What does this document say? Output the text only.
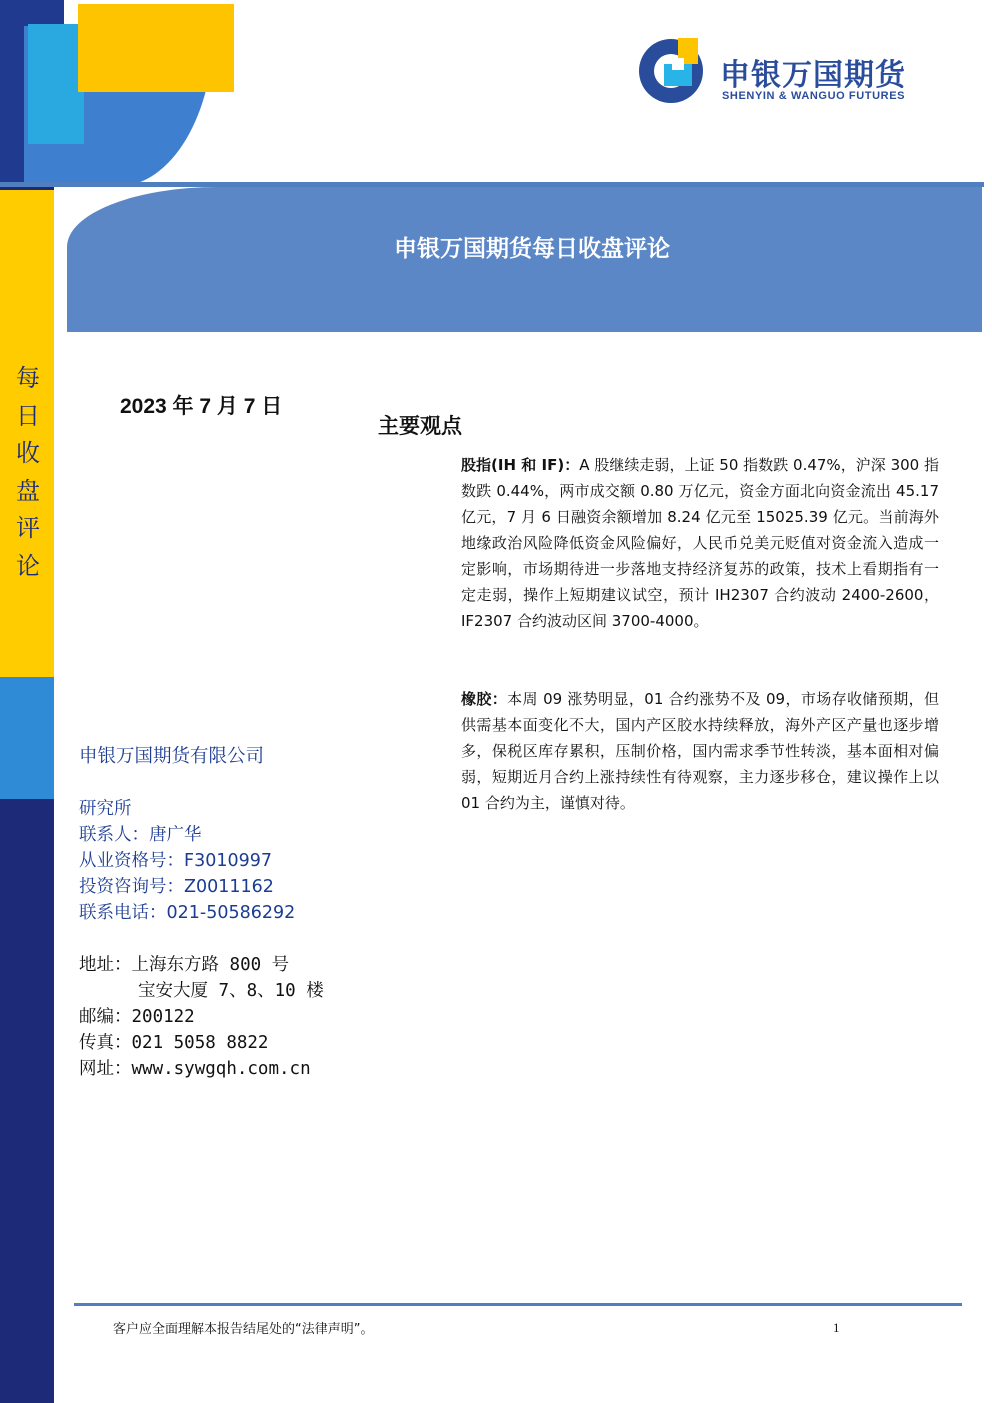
申银万国期货
SHENYIN & WANGUO FUTURES
每日收盘评论
申银万国期货每日收盘评论
2023 年 7 月 7 日
主要观点
股指(IH 和 IF)：A 股继续走弱，上证 50 指数跌 0.47%，沪深 300 指数跌 0.44%，两市成交额 0.80 万亿元，资金方面北向资金流出 45.17 亿元，7 月 6 日融资余额增加 8.24 亿元至 15025.39 亿元。当前海外地缘政治风险降低资金风险偏好，人民币兑美元贬值对资金流入造成一定影响，市场期待进一步落地支持经济复苏的政策，技术上看期指有一定走弱，操作上短期建议试空，预计 IH2307 合约波动 2400-2600，IF2307 合约波动区间 3700-4000。
橡胶：本周 09 涨势明显，01 合约涨势不及 09，市场存收储预期，但供需基本面变化不大，国内产区胶水持续释放，海外产区产量也逐步增多，保税区库存累积，压制价格，国内需求季节性转淡，基本面相对偏弱，短期近月合约上涨持续性有待观察，主力逐步移仓，建议操作上以 01 合约为主，谨慎对待。
申银万国期货有限公司
研究所
联系人：唐广华
从业资格号：F3010997
投资咨询号：Z0011162
联系电话：021-50586292
地址：上海东方路 800 号
宝安大厦 7、8、10 楼
邮编：200122
传真：021 5058 8822
网址：www.sywgqh.com.cn
客户应全面理解本报告结尾处的“法律声明”。	1
